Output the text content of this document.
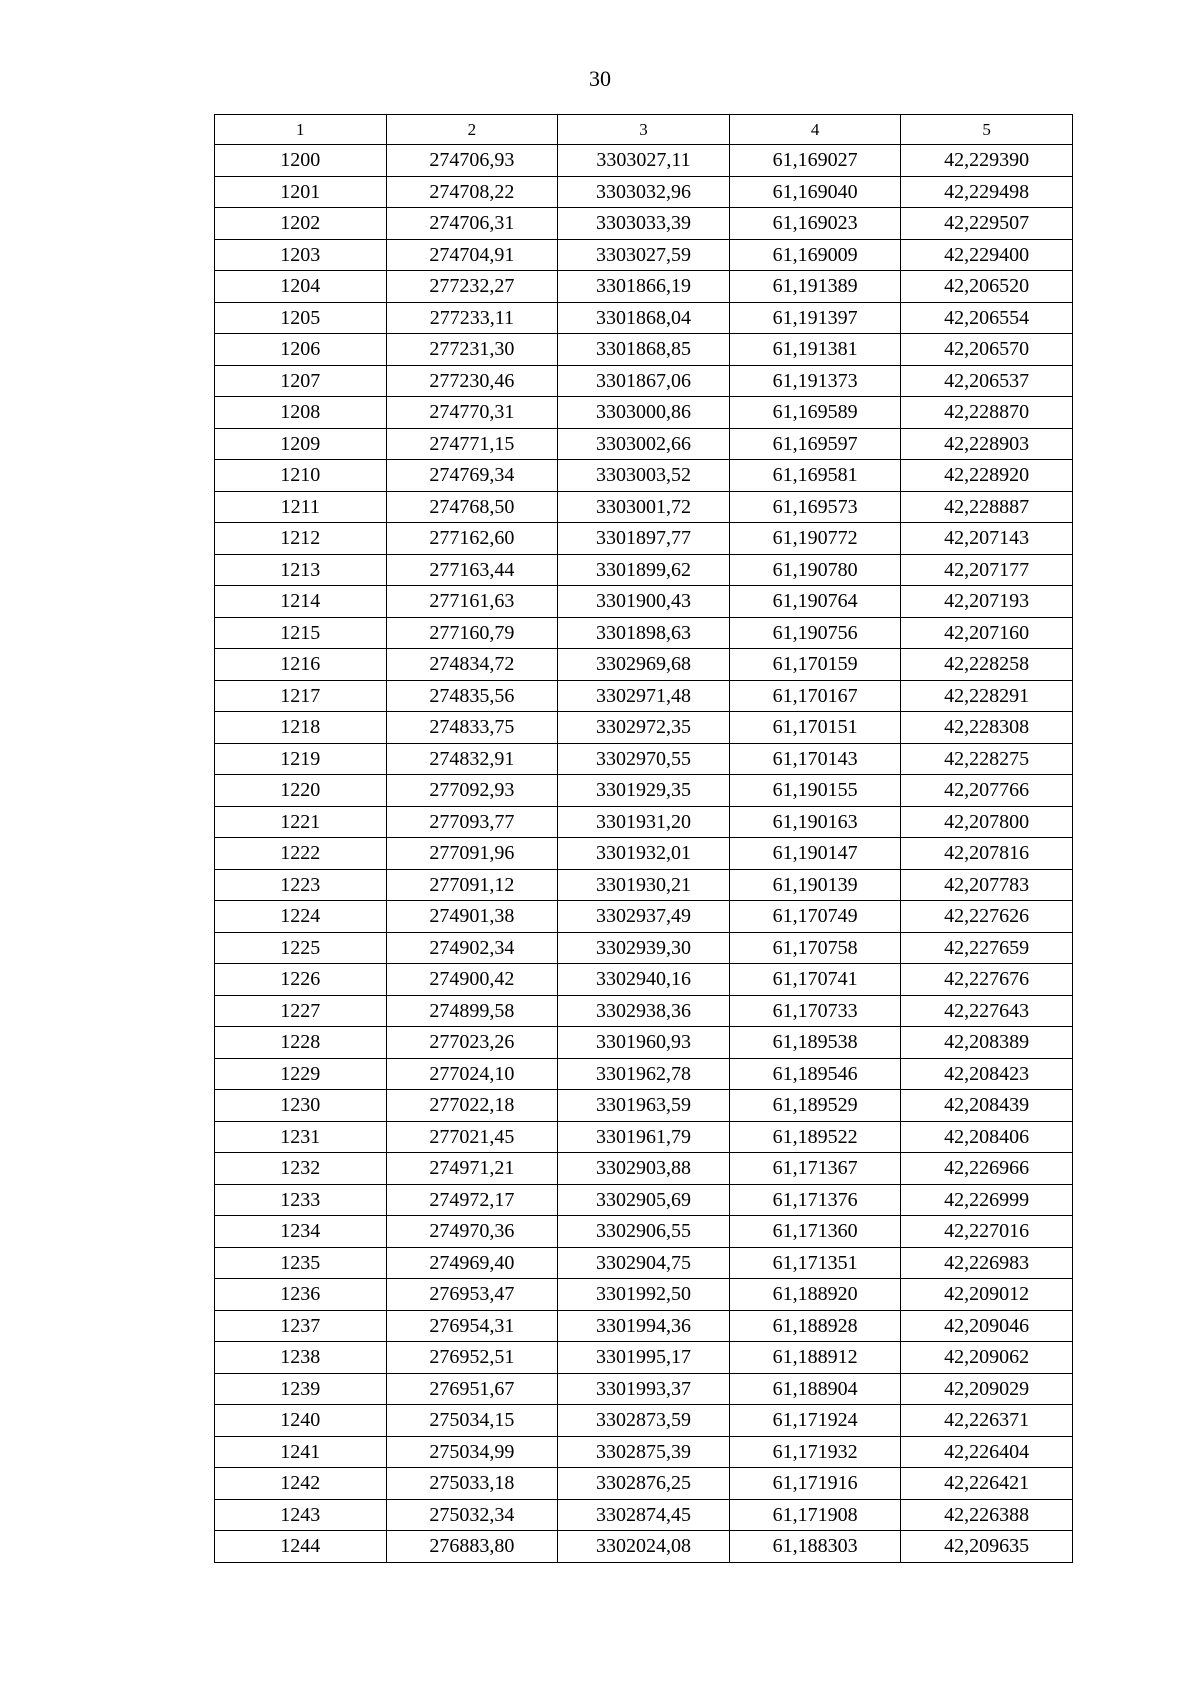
30
1	2	3	4	5
1200	274706,93	3303027,11	61,169027	42,229390
1201	274708,22	3303032,96	61,169040	42,229498
1202	274706,31	3303033,39	61,169023	42,229507
1203	274704,91	3303027,59	61,169009	42,229400
1204	277232,27	3301866,19	61,191389	42,206520
1205	277233,11	3301868,04	61,191397	42,206554
1206	277231,30	3301868,85	61,191381	42,206570
1207	277230,46	3301867,06	61,191373	42,206537
1208	274770,31	3303000,86	61,169589	42,228870
1209	274771,15	3303002,66	61,169597	42,228903
1210	274769,34	3303003,52	61,169581	42,228920
1211	274768,50	3303001,72	61,169573	42,228887
1212	277162,60	3301897,77	61,190772	42,207143
1213	277163,44	3301899,62	61,190780	42,207177
1214	277161,63	3301900,43	61,190764	42,207193
1215	277160,79	3301898,63	61,190756	42,207160
1216	274834,72	3302969,68	61,170159	42,228258
1217	274835,56	3302971,48	61,170167	42,228291
1218	274833,75	3302972,35	61,170151	42,228308
1219	274832,91	3302970,55	61,170143	42,228275
1220	277092,93	3301929,35	61,190155	42,207766
1221	277093,77	3301931,20	61,190163	42,207800
1222	277091,96	3301932,01	61,190147	42,207816
1223	277091,12	3301930,21	61,190139	42,207783
1224	274901,38	3302937,49	61,170749	42,227626
1225	274902,34	3302939,30	61,170758	42,227659
1226	274900,42	3302940,16	61,170741	42,227676
1227	274899,58	3302938,36	61,170733	42,227643
1228	277023,26	3301960,93	61,189538	42,208389
1229	277024,10	3301962,78	61,189546	42,208423
1230	277022,18	3301963,59	61,189529	42,208439
1231	277021,45	3301961,79	61,189522	42,208406
1232	274971,21	3302903,88	61,171367	42,226966
1233	274972,17	3302905,69	61,171376	42,226999
1234	274970,36	3302906,55	61,171360	42,227016
1235	274969,40	3302904,75	61,171351	42,226983
1236	276953,47	3301992,50	61,188920	42,209012
1237	276954,31	3301994,36	61,188928	42,209046
1238	276952,51	3301995,17	61,188912	42,209062
1239	276951,67	3301993,37	61,188904	42,209029
1240	275034,15	3302873,59	61,171924	42,226371
1241	275034,99	3302875,39	61,171932	42,226404
1242	275033,18	3302876,25	61,171916	42,226421
1243	275032,34	3302874,45	61,171908	42,226388
1244	276883,80	3302024,08	61,188303	42,209635
